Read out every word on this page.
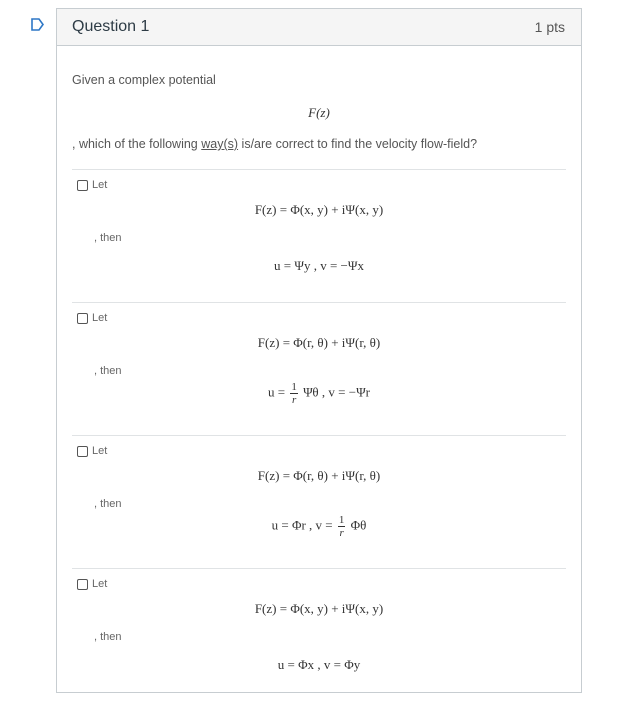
Question 1	1 pts
Given a complex potential
F(z)
, which of the following way(s) is/are correct to find the velocity flow-field?
Let
F(z) = Φ(x, y) + iΨ(x, y)
, then
u = Ψy , v = −Ψx
Let
F(z) = Φ(r, θ) + iΨ(r, θ)
, then
$u = \frac{1}{r}$ Ψθ , v = −Ψr
Let
F(z) = Φ(r, θ) + iΨ(r, θ)
, then
u = Φr , $v = \frac{1}{r}$ Φθ
Let
F(z) = Φ(x, y) + iΨ(x, y)
, then
u = Φx , v = Φy
